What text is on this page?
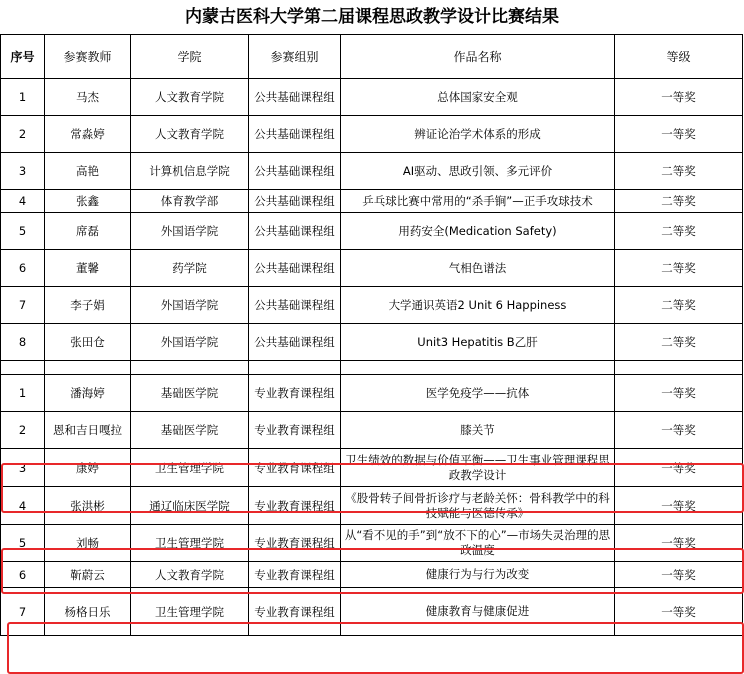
内蒙古医科大学第二届课程思政教学设计比赛结果
序号	参赛教师	学院	参赛组别	作品名称	等级
1	马杰	人文教育学院	公共基础课程组	总体国家安全观	一等奖
2	常淼婷	人文教育学院	公共基础课程组	辨证论治学术体系的形成	一等奖
3	高艳	计算机信息学院	公共基础课程组	AI驱动、思政引领、多元评价	二等奖
4	张鑫	体育教学部	公共基础课程组	乒乓球比赛中常用的“杀手锏”—正手攻球技术	二等奖
5	席磊	外国语学院	公共基础课程组	用药安全(Medication Safety)	二等奖
6	董馨	药学院	公共基础课程组	气相色谱法	二等奖
7	李子娟	外国语学院	公共基础课程组	大学通识英语2 Unit 6 Happiness	二等奖
8	张田仓	外国语学院	公共基础课程组	Unit3 Hepatitis B乙肝	二等奖

1	潘海婷	基础医学院	专业教育课程组	医学免疫学——抗体	一等奖
2	恩和吉日嘎拉	基础医学院	专业教育课程组	膝关节	一等奖
3	康婷	卫生管理学院	专业教育课程组	卫生绩效的数据与价值平衡——卫生事业管理课程思政教学设计	一等奖
4	张洪彬	通辽临床医学院	专业教育课程组	《股骨转子间骨折诊疗与老龄关怀：骨科教学中的科技赋能与医德传承》	一等奖
5	刘畅	卫生管理学院	专业教育课程组	从“看不见的手”到“放不下的心”—市场失灵治理的思政温度	一等奖
6	靳蔚云	人文教育学院	专业教育课程组	健康行为与行为改变	一等奖
7	杨格日乐	卫生管理学院	专业教育课程组	健康教育与健康促进	一等奖
